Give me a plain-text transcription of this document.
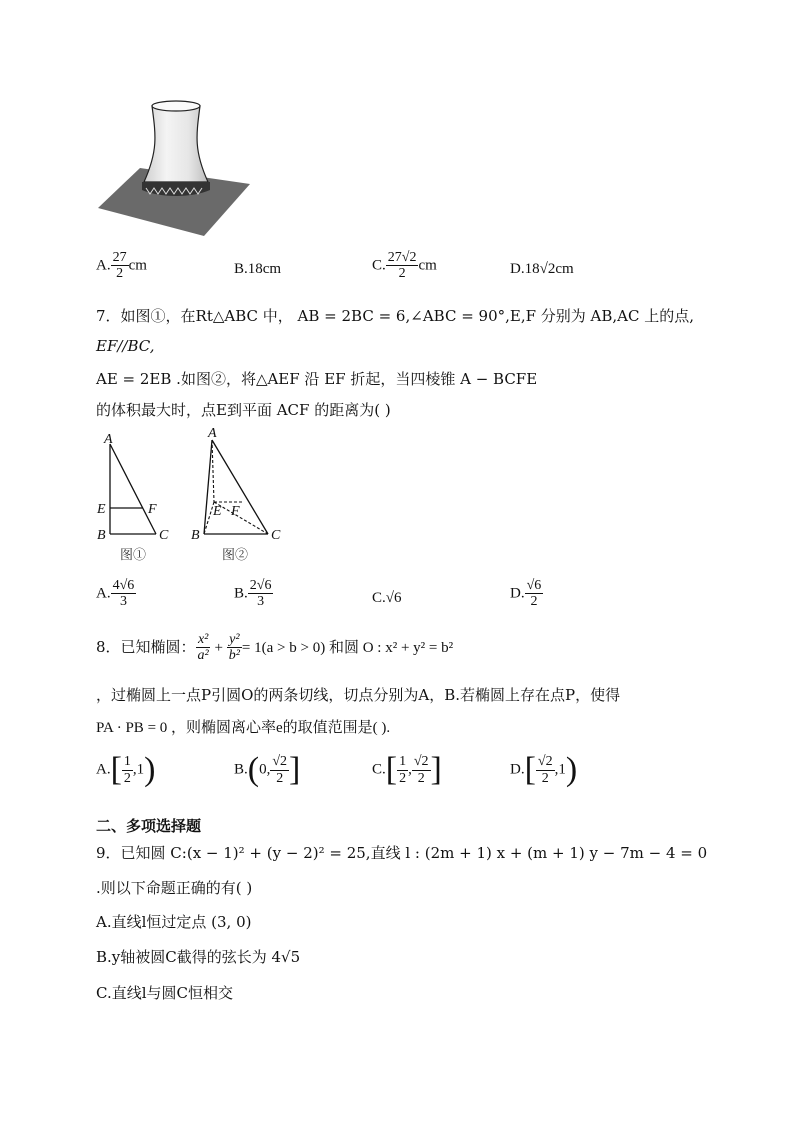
A. $\frac{27}{2}$ cm	B.18cm	C. $\frac{27√2}{2}$ cm	D.18√2cm
7．如图①，在Rt△ABC 中， AB = 2BC = 6,∠ABC = 90°,E,F 分别为 AB,AC 上的点,
EF//BC,
AE = 2EB .如图②，将△AEF 沿 EF 折起，当四棱锥 A − BCFE
的体积最大时，点E到平面 ACF 的距离为( )
A
E	F
B	C
图①
A
E F
B	C
图②
A. $\frac{4√6}{3}$	B. $\frac{2√6}{3}$	C.√6	D. $\frac{√6}{2}$
8．已知椭圆： $\frac{\text{x²}}{\text{a²}} + \frac{\text{y²}}{\text{b²}} = 1(a > b > 0)$ 和圆 O : x² + y² = b²
，过椭圆上一点P引圆O的两条切线，切点分别为A，B.若椭圆上存在点P，使得
PA · PB = 0 ，则椭圆离心率e的取值范围是( ).
$A.[ \frac{1}{2} ,1)$	B.(0, $\frac{√2}{2}$ ]	$C.[ \frac{1}{2}$ , $\frac{√2}{2}$ ]	$D.[ \frac{√2}{2} ,1)$
二、多项选择题
9．已知圆 C:(x − 1)² + (y − 2)² = 25,直线 l : (2m + 1) x + (m + 1) y − 7m − 4 = 0
.则以下命题正确的有( )
A.直线l恒过定点 (3, 0)
B.y轴被圆C截得的弦长为 4√5
C.直线l与圆C恒相交
